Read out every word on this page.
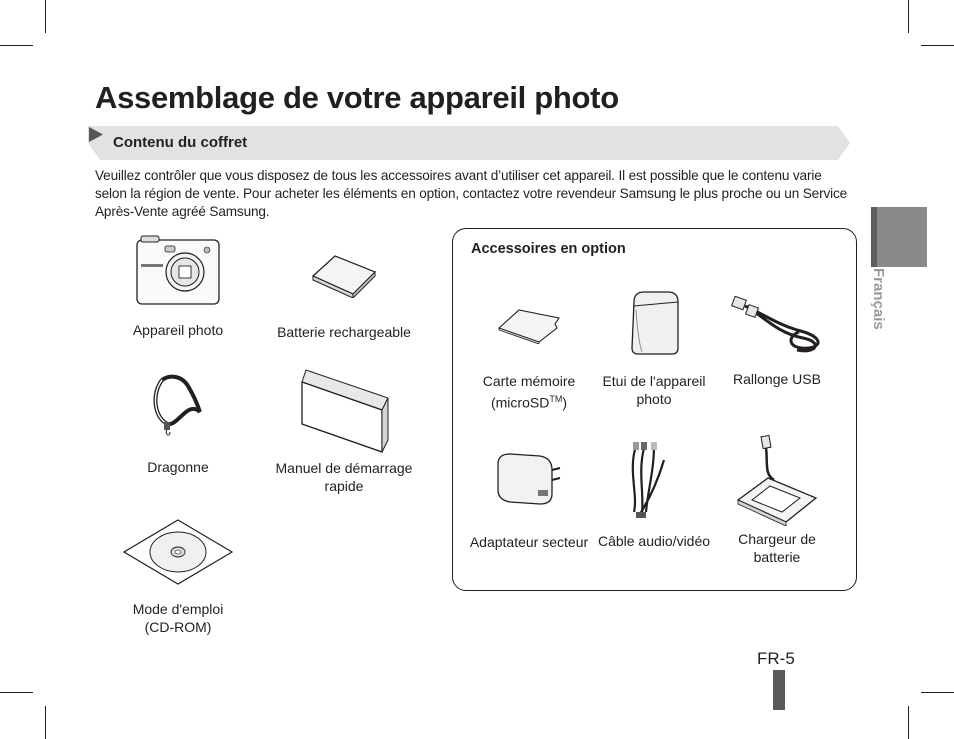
Assemblage de votre appareil photo
Contenu du coffret

Veuillez contrôler que vous disposez de tous les accessoires avant d’utiliser cet appareil. Il est possible que le contenu varie selon la région de vente. Pour acheter les éléments en option, contactez votre revendeur Samsung le plus proche ou un Service Après-Vente agréé Samsung.

Appareil photo	Batterie rechargeable
Dragonne	Manuel de démarrage rapide
Mode d'emploi (CD-ROM)
Accessoires en option
Carte mémoire (microSD™)
Etui de l'appareil photo
Rallonge USB
Adaptateur secteur Câble audio/vidéo	Chargeur de batterie
Français
FR-5
